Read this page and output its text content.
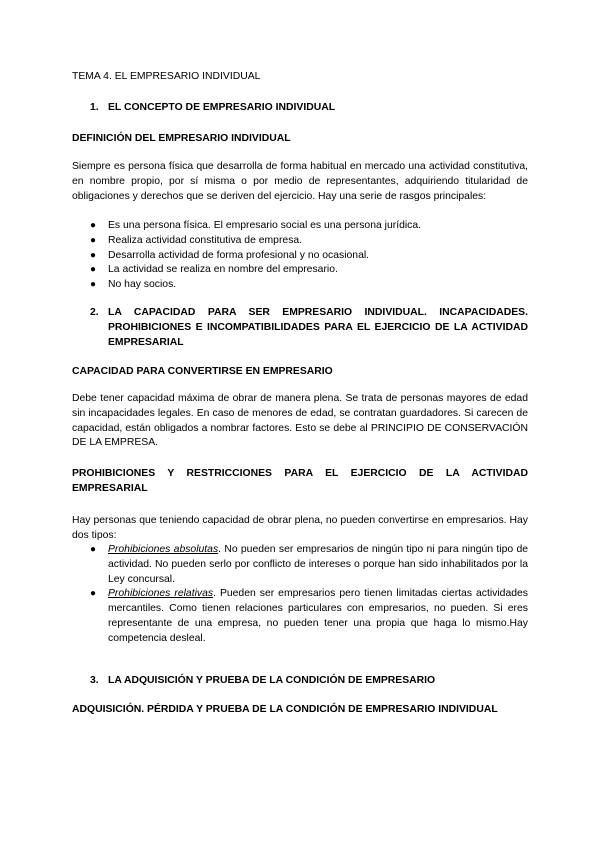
TEMA 4. EL EMPRESARIO INDIVIDUAL

1. EL CONCEPTO DE EMPRESARIO INDIVIDUAL

DEFINICIÓN DEL EMPRESARIO INDIVIDUAL

Siempre es persona física que desarrolla de forma habitual en mercado una actividad constitutiva, en nombre propio, por sí misma o por medio de representantes, adquiriendo titularidad de obligaciones y derechos que se deriven del ejercicio. Hay una serie de rasgos principales:

● Es una persona física. El empresario social es una persona jurídica.
● Realiza actividad constitutiva de empresa.
● Desarrolla actividad de forma profesional y no ocasional.
● La actividad se realiza en nombre del empresario.
● No hay socios.
2. LA CAPACIDAD PARA SER EMPRESARIO INDIVIDUAL. INCAPACIDADES. PROHIBICIONES E INCOMPATIBILIDADES PARA EL EJERCICIO DE LA ACTIVIDAD EMPRESARIAL

CAPACIDAD PARA CONVERTIRSE EN EMPRESARIO

Debe tener capacidad máxima de obrar de manera plena. Se trata de personas mayores de edad sin incapacidades legales. En caso de menores de edad, se contratan guardadores. Si carecen de capacidad, están obligados a nombrar factores. Esto se debe al PRINCIPIO DE CONSERVACIÓN DE LA EMPRESA.

PROHIBICIONES Y RESTRICCIONES PARA EL EJERCICIO DE LA ACTIVIDAD EMPRESARIAL

Hay personas que teniendo capacidad de obrar plena, no pueden convertirse en empresarios. Hay dos tipos:

● Prohibiciones absolutas. No pueden ser empresarios de ningún tipo ni para ningún tipo de actividad. No pueden serlo por conflicto de intereses o porque han sido inhabilitados por la Ley concursal.
● Prohibiciones relativas. Pueden ser empresarios pero tienen limitadas ciertas actividades mercantiles. Como tienen relaciones particulares con empresarios, no pueden. Si eres representante de una empresa, no pueden tener una propia que haga lo mismo.Hay competencia desleal.
3. LA ADQUISICIÓN Y PRUEBA DE LA CONDICIÓN DE EMPRESARIO

ADQUISICIÓN. PÉRDIDA Y PRUEBA DE LA CONDICIÓN DE EMPRESARIO INDIVIDUAL
